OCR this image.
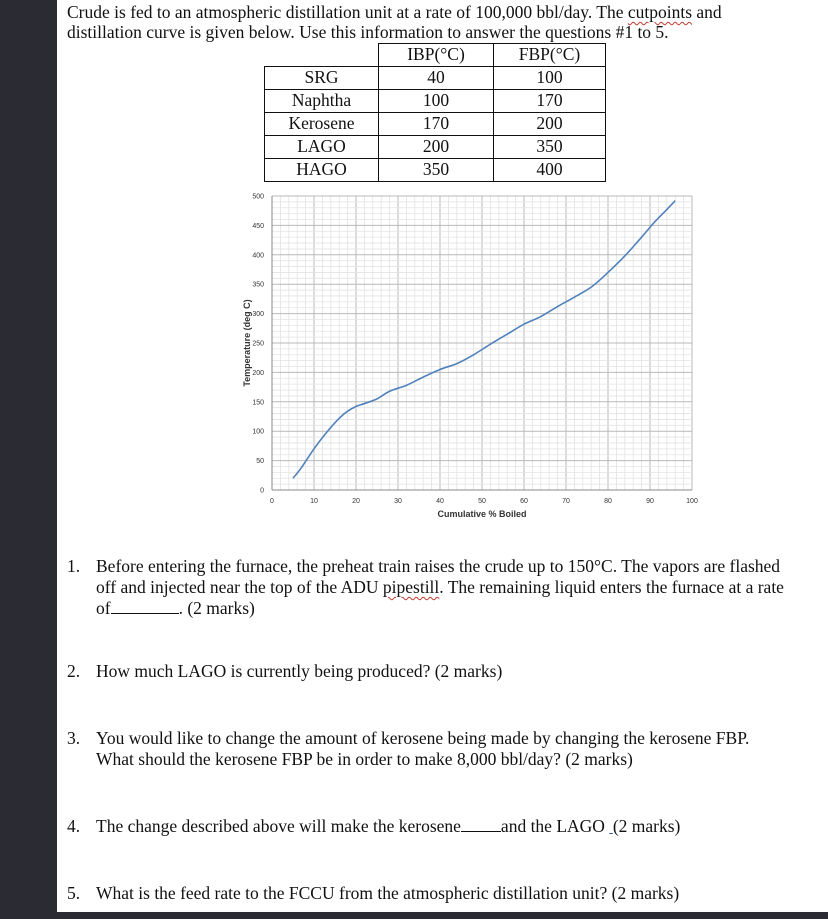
Crude is fed to an atmospheric distillation unit at a rate of 100,000 bbl/day. The cutpoints and
distillation curve is given below. Use this information to answer the questions #1 to 5.

	IBP(°C)	FBP(°C)
SRG	40	100
Naphtha	100	170
Kerosene	170	200
LAGO	200	350
HAGO	350	400
0	10	20	30	40	50	60	70	80	90	100
0
50
100
150
200
250
300
350
400
450
500
Cumulative % Boiled
Temperature (deg C)
1. Before entering the furnace, the preheat train raises the crude up to 150°C. The vapors are flashed off and injected near the top of the ADU pipestill. The remaining liquid enters the furnace at a rate of	. (2 marks)
2. How much LAGO is currently being produced? (2 marks)
3. You would like to change the amount of kerosene being made by changing the kerosene FBP. What should the kerosene FBP be in order to make 8,000 bbl/day? (2 marks)
4. The change described above will make the kerosene and the LAGO   (2 marks)
5. What is the feed rate to the FCCU from the atmospheric distillation unit? (2 marks)
